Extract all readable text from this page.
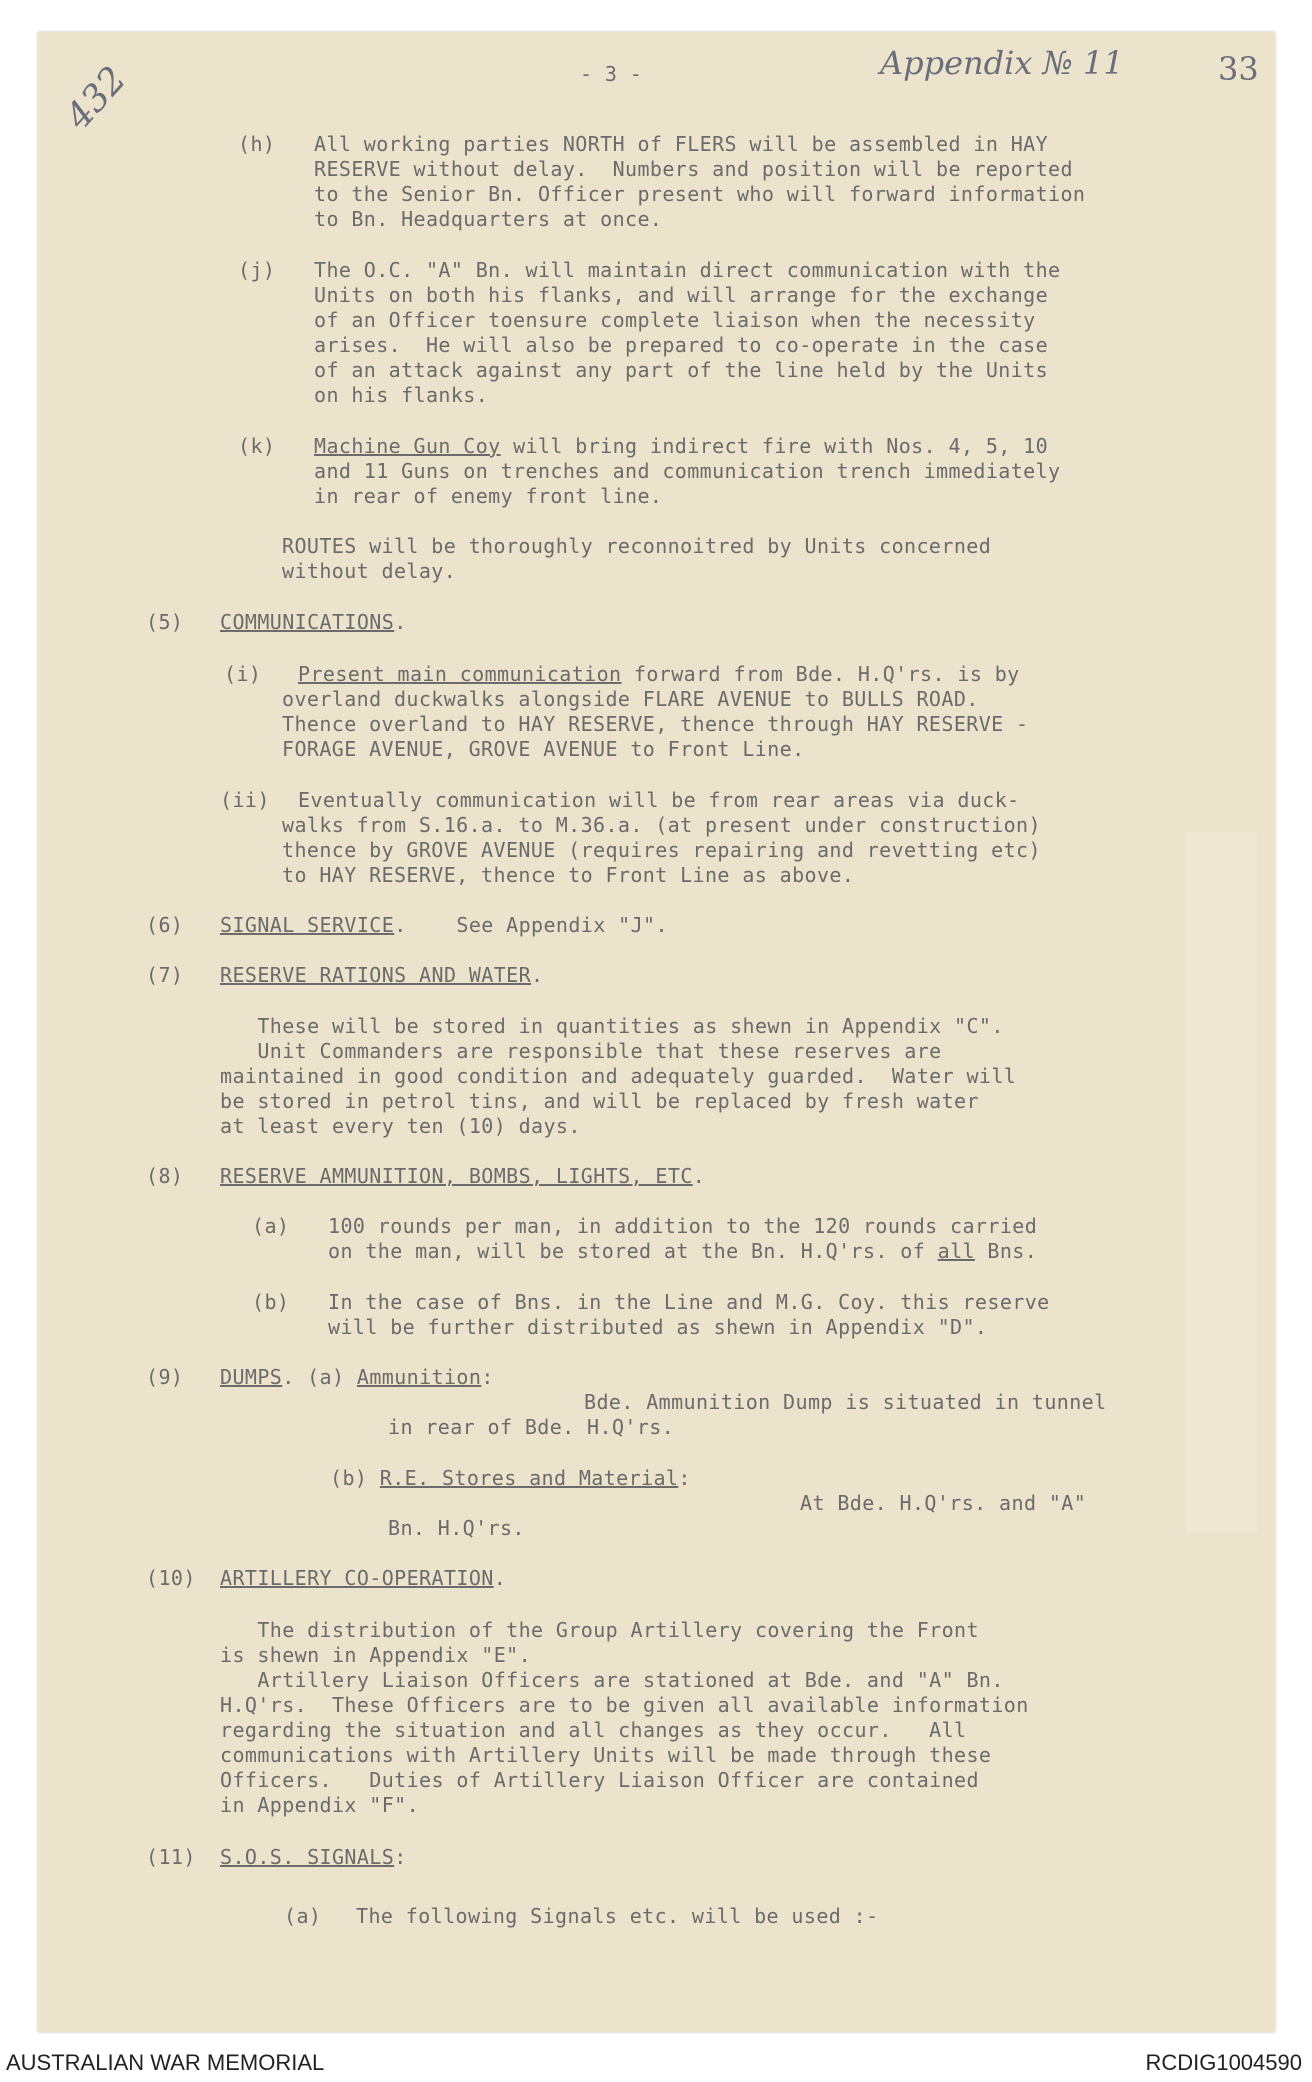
432	- 3 -	Appendix № 11	33
(h) All working parties NORTH of FLERS will be assembled in HAY
RESERVE without delay.  Numbers and position will be reported
to the Senior Bn. Officer present who will forward information
to Bn. Headquarters at once.
(j) The O.C. "A" Bn. will maintain direct communication with the
Units on both his flanks, and will arrange for the exchange
of an Officer toensure complete liaison when the necessity
arises.  He will also be prepared to co-operate in the case
of an attack against any part of the line held by the Units
on his flanks.
(k) Machine Gun Coy will bring indirect fire with Nos. 4, 5, 10
and 11 Guns on trenches and communication trench immediately
in rear of enemy front line.
ROUTES will be thoroughly reconnoitred by Units concerned
without delay.
(5) COMMUNICATIONS.
(i) Present main communication forward from Bde. H.Q'rs. is by
overland duckwalks alongside FLARE AVENUE to BULLS ROAD.
Thence overland to HAY RESERVE, thence through HAY RESERVE -
FORAGE AVENUE, GROVE AVENUE to Front Line.
(ii) Eventually communication will be from rear areas via duck-
walks from S.16.a. to M.36.a. (at present under construction)
thence by GROVE AVENUE (requires repairing and revetting etc)
to HAY RESERVE, thence to Front Line as above.
(6) SIGNAL SERVICE.    See Appendix "J".
(7) RESERVE RATIONS AND WATER.
These will be stored in quantities as shewn in Appendix "C".
Unit Commanders are responsible that these reserves are
maintained in good condition and adequately guarded.  Water will
be stored in petrol tins, and will be replaced by fresh water
at least every ten (10) days.
(8) RESERVE AMMUNITION, BOMBS, LIGHTS, ETC.
(a) 100 rounds per man, in addition to the 120 rounds carried
on the man, will be stored at the Bn. H.Q'rs. of all Bns.
(b) In the case of Bns. in the Line and M.G. Coy. this reserve
will be further distributed as shewn in Appendix "D".
(9) DUMPS. (a) Ammunition:
Bde. Ammunition Dump is situated in tunnel
in rear of Bde. H.Q'rs.
(b) R.E. Stores and Material:
At Bde. H.Q'rs. and "A"
Bn. H.Q'rs.
(10) ARTILLERY CO-OPERATION.
The distribution of the Group Artillery covering the Front
is shewn in Appendix "E".
Artillery Liaison Officers are stationed at Bde. and "A" Bn.
H.Q'rs.  These Officers are to be given all available information
regarding the situation and all changes as they occur.   All
communications with Artillery Units will be made through these
Officers.   Duties of Artillery Liaison Officer are contained
in Appendix "F".
(11) S.O.S. SIGNALS:
(a) The following Signals etc. will be used :-
AUSTRALIAN WAR MEMORIAL	RCDIG1004590
